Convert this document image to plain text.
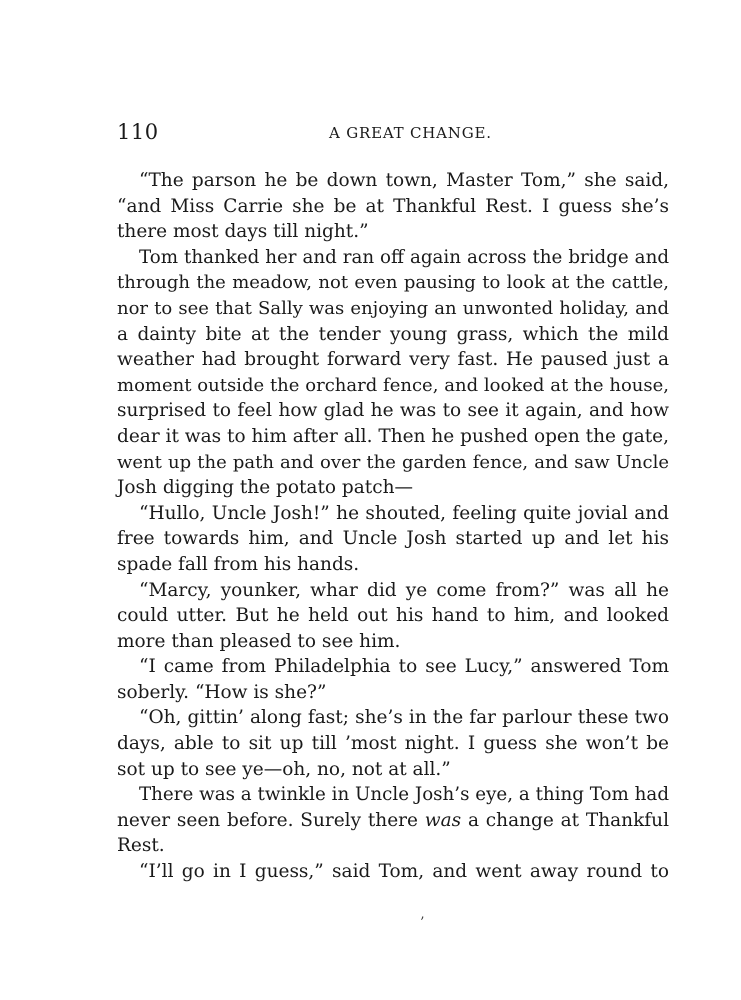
110	A GREAT CHANGE.
“The parson he be down town, Master Tom,” she said,
“and Miss Carrie she be at Thankful Rest. I guess she’s
there most days till night.”
Tom thanked her and ran off again across the bridge and
through the meadow, not even pausing to look at the cattle,
nor to see that Sally was enjoying an unwonted holiday, and
a dainty bite at the tender young grass, which the mild
weather had brought forward very fast. He paused just a
moment outside the orchard fence, and looked at the house,
surprised to feel how glad he was to see it again, and how
dear it was to him after all. Then he pushed open the gate,
went up the path and over the garden fence, and saw Uncle
Josh digging the potato patch—
“Hullo, Uncle Josh!” he shouted, feeling quite jovial and
free towards him, and Uncle Josh started up and let his
spade fall from his hands.
“Marcy, younker, whar did ye come from?” was all he
could utter. But he held out his hand to him, and looked
more than pleased to see him.
“I came from Philadelphia to see Lucy,” answered Tom
soberly. “How is she?”
“Oh, gittin’ along fast; she’s in the far parlour these two
days, able to sit up till ’most night. I guess she won’t be
sot up to see ye—oh, no, not at all.”
There was a twinkle in Uncle Josh’s eye, a thing Tom had
never seen before. Surely there was a change at Thankful
Rest.
“I’ll go in I guess,” said Tom, and went away round to
’
